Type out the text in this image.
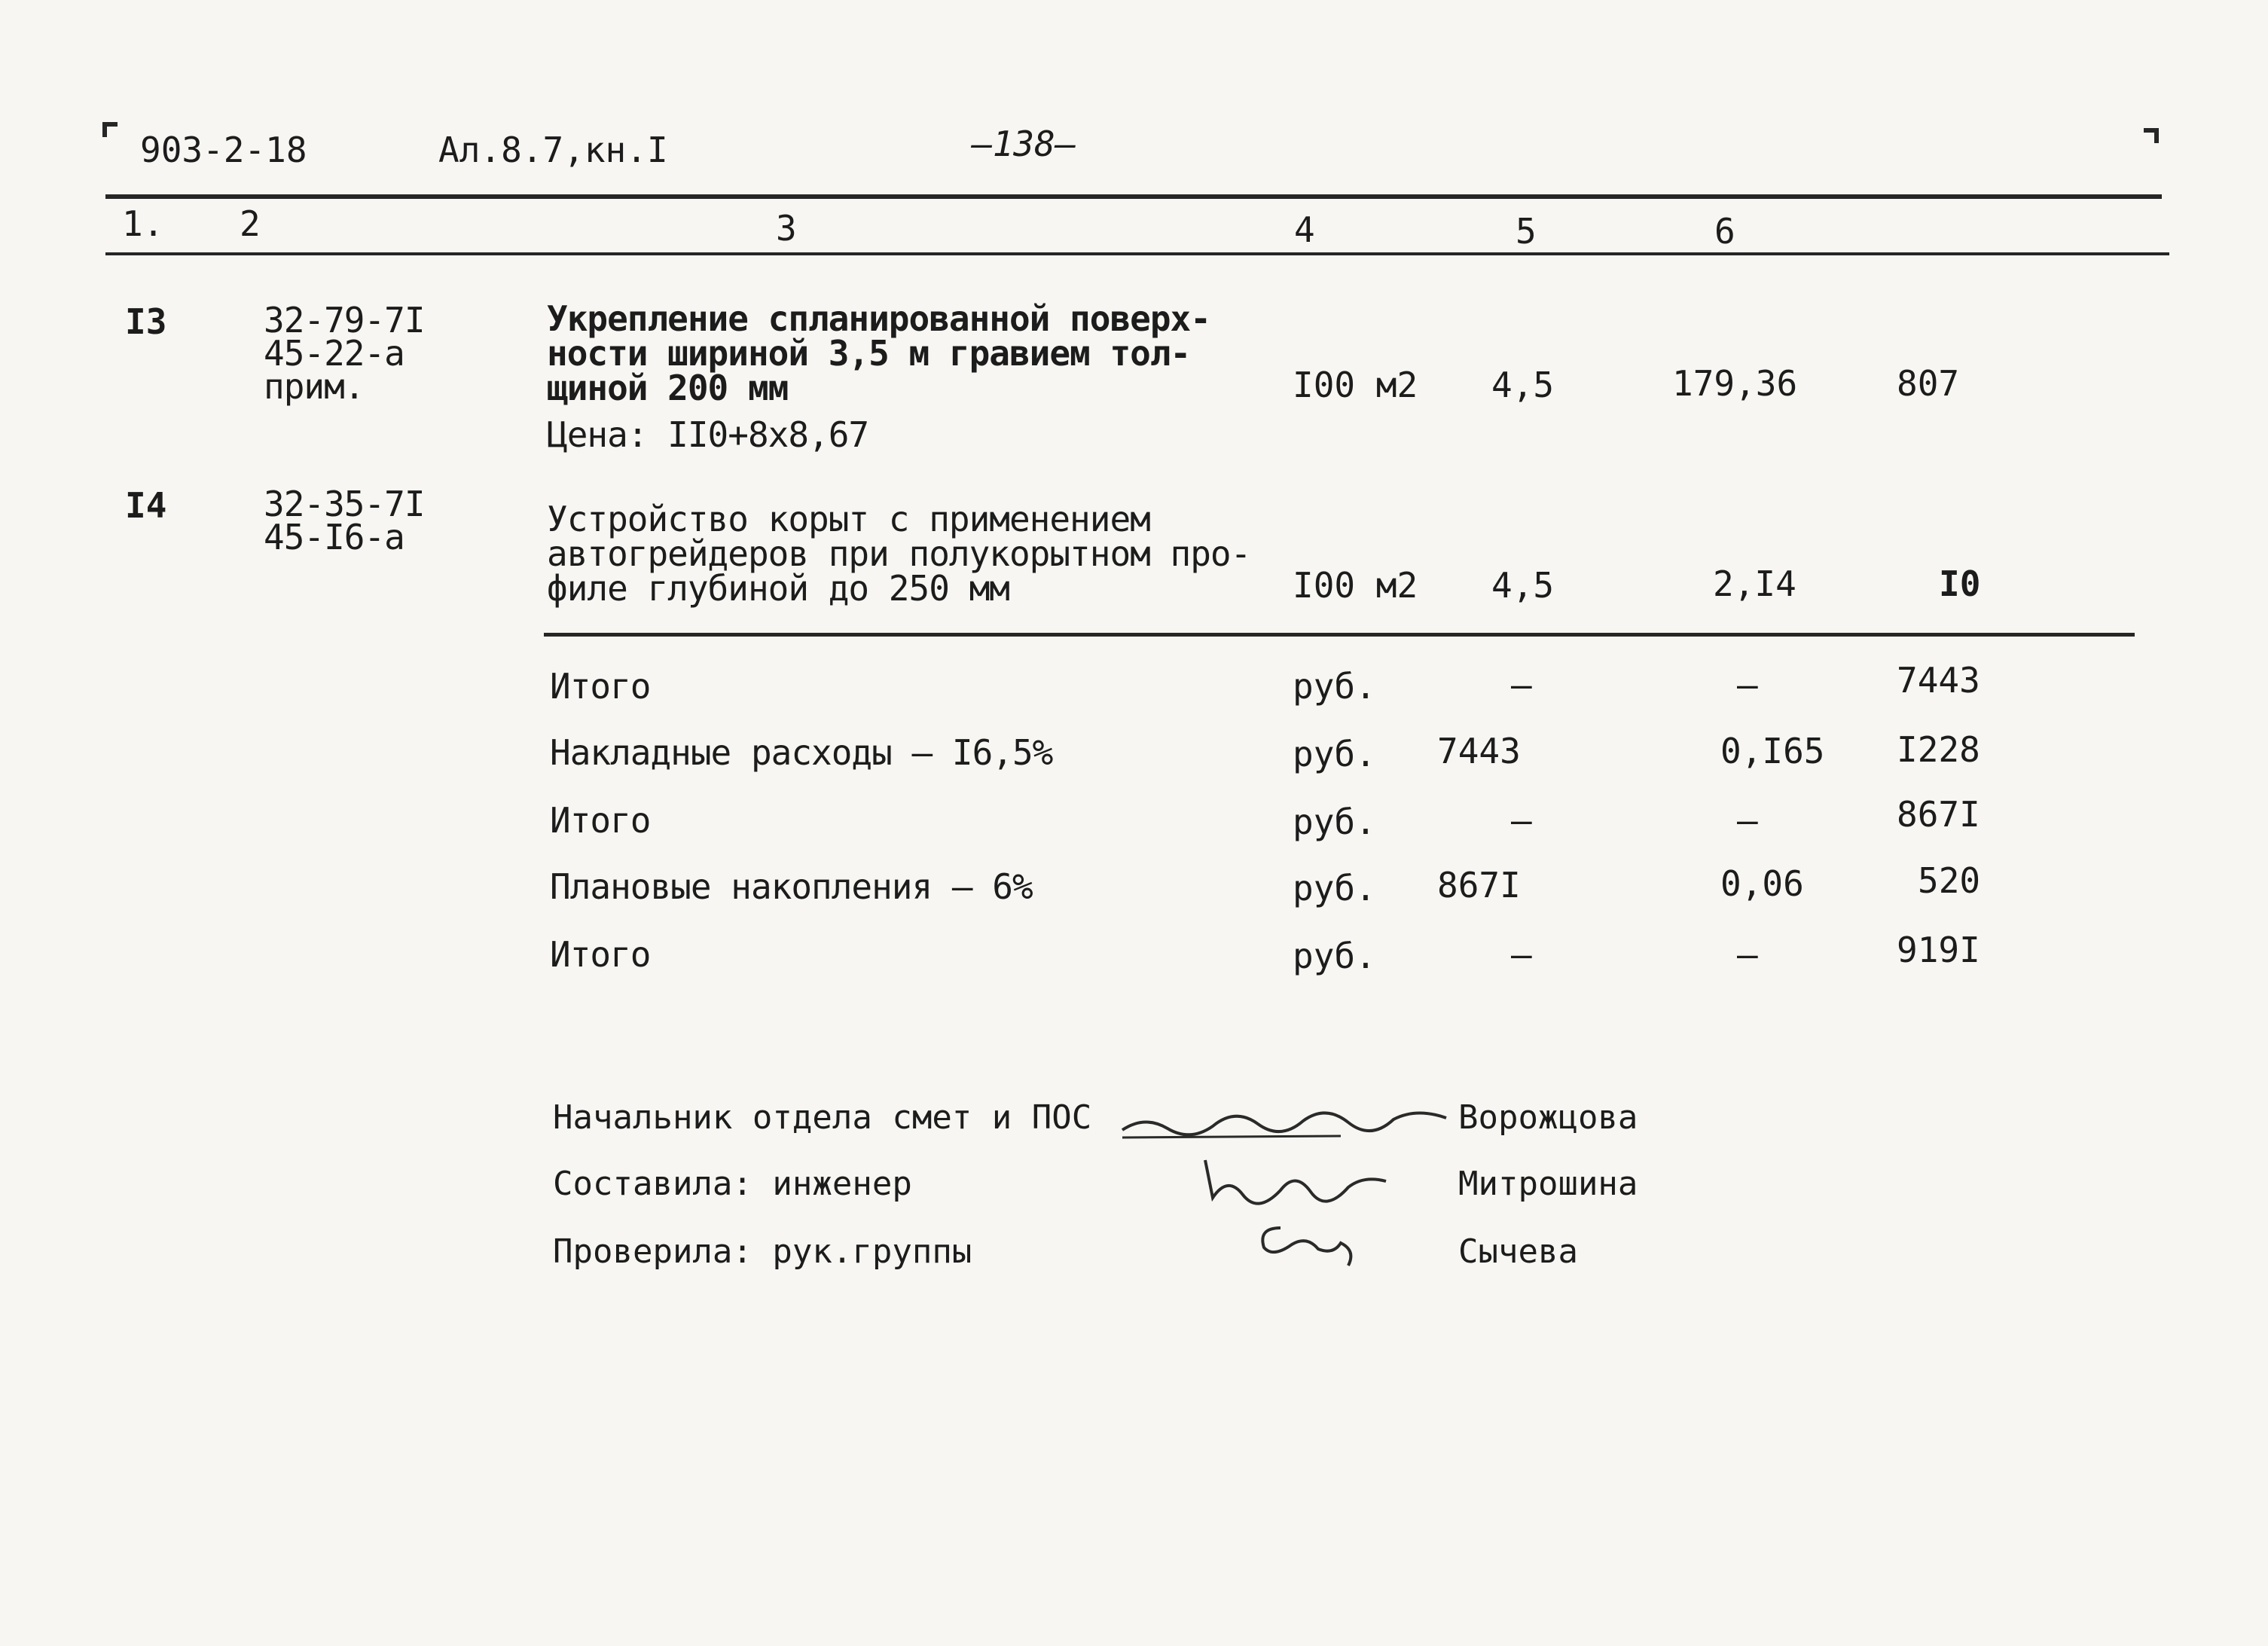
903-2-18	Ал.8.7,кн.I	—138—
1. 2	3	4	5	6
I3	32-79-7I
45-22-а
прим.
Укрепление спланированной поверх-
ности шириной 3,5 м гравием тол-
щиной 200 мм
Цена: II0+8х8,67
I00 м2 4,5	179,36	807
I4	32-35-7I
45-I6-а	Устройство корыт с применением
автогрейдеров при полукорытном про-
филе глубиной до 250 мм	I00 м2 4,5	2,I4	I0
Итого	руб.	—	—	7443
Накладные расходы – I6,5%	руб. 7443	0,I65 I228
Итого	руб.	—	—	867I
Плановые накопления – 6%	руб. 867I	0,06	520
Итого	руб.	—	—	919I
Начальник отдела смет и ПОС
Составила: инженер
Проверила: рук.группы
Ворожцова
Митрошина
Сычева
